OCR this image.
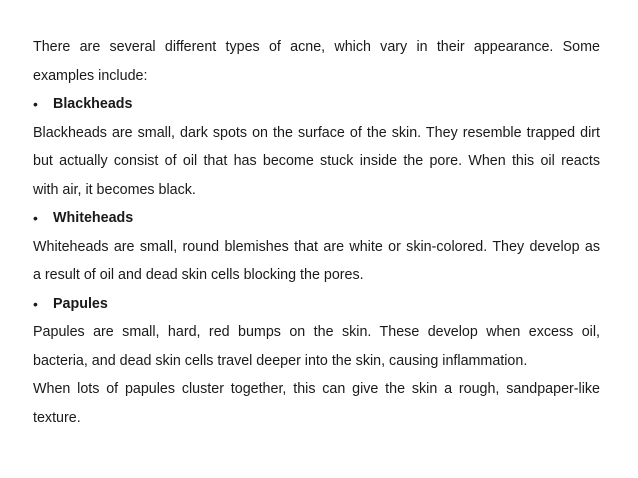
There are several different types of acne, which vary in their appearance. Some
examples include:
•	Blackheads
Blackheads are small, dark spots on the surface of the skin. They resemble trapped dirt
but actually consist of oil that has become stuck inside the pore. When this oil reacts
with air, it becomes black.
•	Whiteheads
Whiteheads are small, round blemishes that are white or skin-colored. They develop as
a result of oil and dead skin cells blocking the pores.
•	Papules
Papules are small, hard, red bumps on the skin. These develop when excess oil,
bacteria, and dead skin cells travel deeper into the skin, causing inflammation.
When lots of papules cluster together, this can give the skin a rough, sandpaper-like
texture.
